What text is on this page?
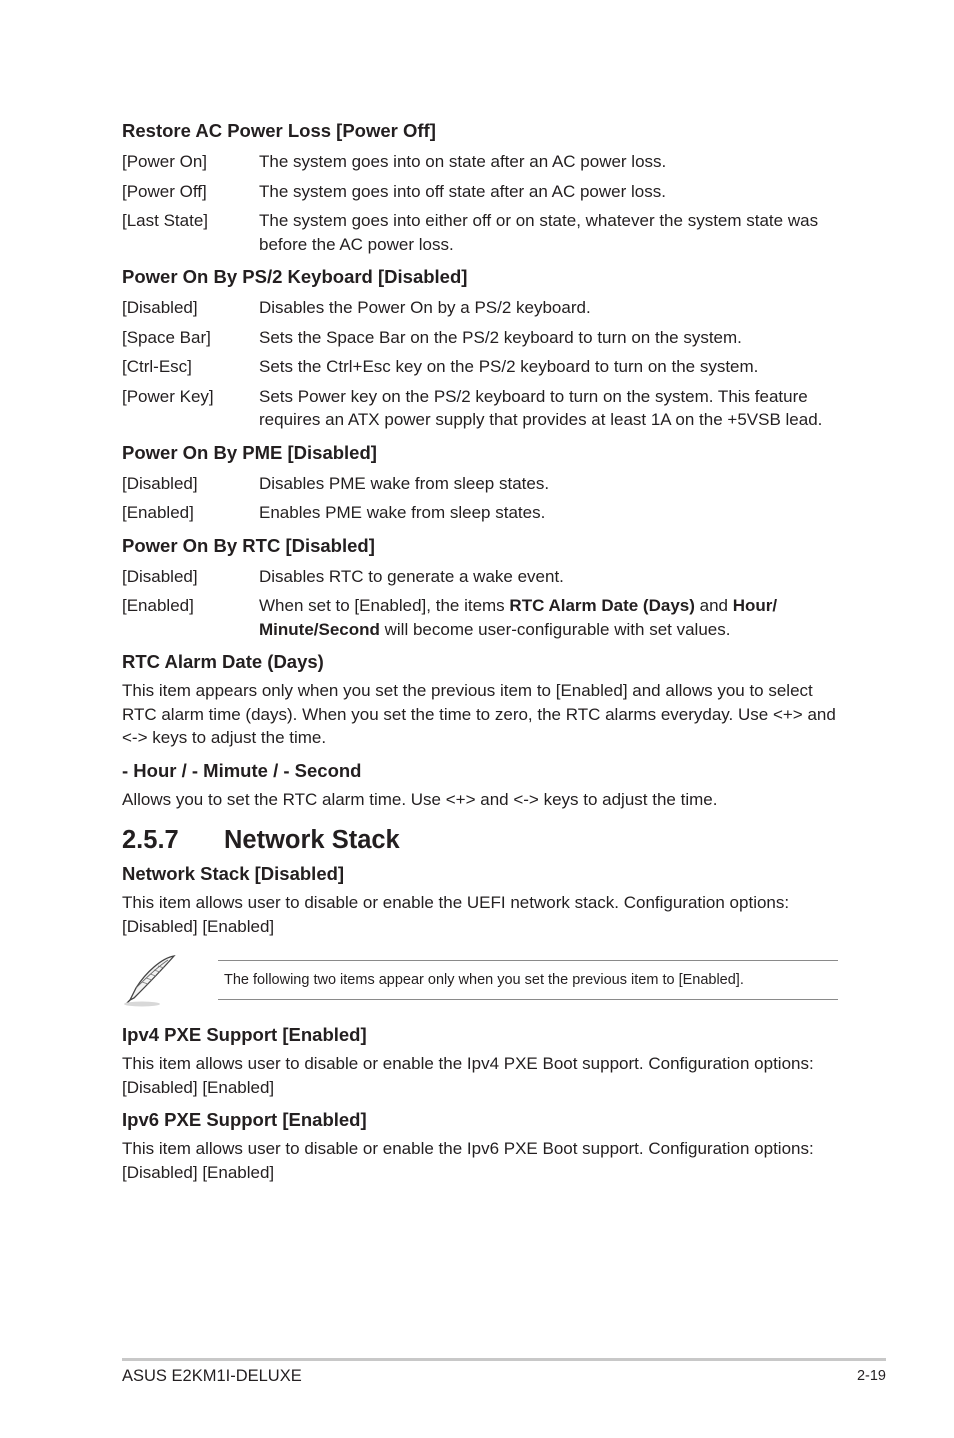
Restore AC Power Loss [Power Off]

[Power On]	The system goes into on state after an AC power loss.
[Power Off]	The system goes into off state after an AC power loss.
[Last State]	The system goes into either off or on state, whatever the system state was before the AC power loss.

Power On By PS/2 Keyboard [Disabled]

[Disabled]	Disables the Power On by a PS/2 keyboard.
[Space Bar]	Sets the Space Bar on the PS/2 keyboard to turn on the system.
[Ctrl-Esc]	Sets the Ctrl+Esc key on the PS/2 keyboard to turn on the system.
[Power Key]	Sets Power key on the PS/2 keyboard to turn on the system. This feature requires an ATX power supply that provides at least 1A on the +5VSB lead.

Power On By PME [Disabled]

[Disabled]	Disables PME wake from sleep states.
[Enabled]	Enables PME wake from sleep states.

Power On By RTC [Disabled]

[Disabled]	Disables RTC to generate a wake event.
[Enabled]	When set to [Enabled], the items RTC Alarm Date (Days) and Hour/ Minute/Second will become user-configurable with set values.

RTC Alarm Date (Days)

This item appears only when you set the previous item to [Enabled] and allows you to select RTC alarm time (days). When you set the time to zero, the RTC alarms everyday. Use <+> and <-> keys to adjust the time.

- Hour / - Mimute / - Second

Allows you to set the RTC alarm time. Use <+> and <-> keys to adjust the time.

2.5.7	Network Stack

Network Stack [Disabled]

This item allows user to disable or enable the UEFI network stack. Configuration options: [Disabled] [Enabled]

The following two items appear only when you set the previous item to [Enabled].

Ipv4 PXE Support [Enabled]

This item allows user to disable or enable the Ipv4 PXE Boot support. Configuration options: [Disabled] [Enabled]

Ipv6 PXE Support [Enabled]

This item allows user to disable or enable the Ipv6 PXE Boot support. Configuration options: [Disabled] [Enabled]

ASUS E2KM1I-DELUXE	2-19
